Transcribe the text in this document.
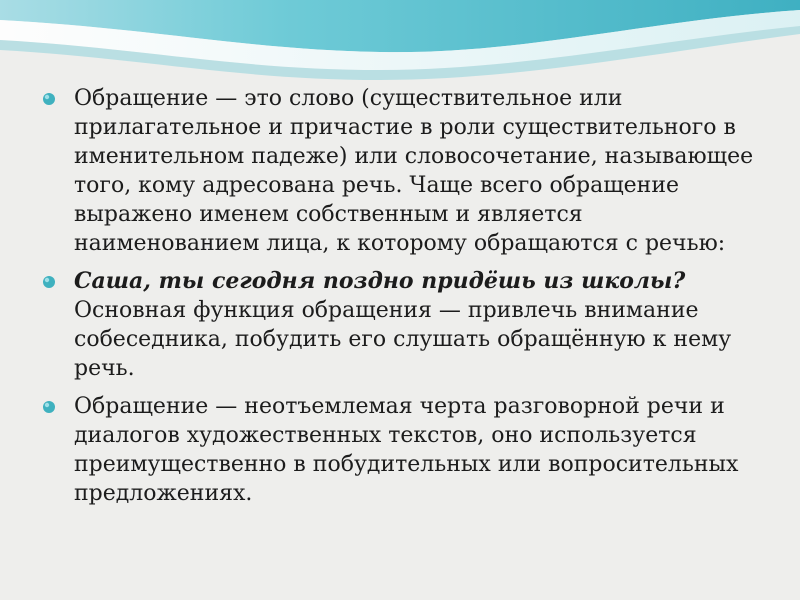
Обращение — это слово (существительное или прилагательное и причастие в роли существительного в именительном падеже) или словосочетание, называющее того, кому адресована речь. Чаще всего обращение выражено именем собственным и является наименованием лица, к которому обращаются с речью:

Саша, ты сегодня поздно придёшь из школы? Основная функция обращения — привлечь внимание собеседника, побудить его слушать обращённую к нему речь.

Обращение — неотъемлемая черта разговорной речи и диалогов художественных текстов, оно используется преимущественно в побудительных или вопросительных предложениях.
